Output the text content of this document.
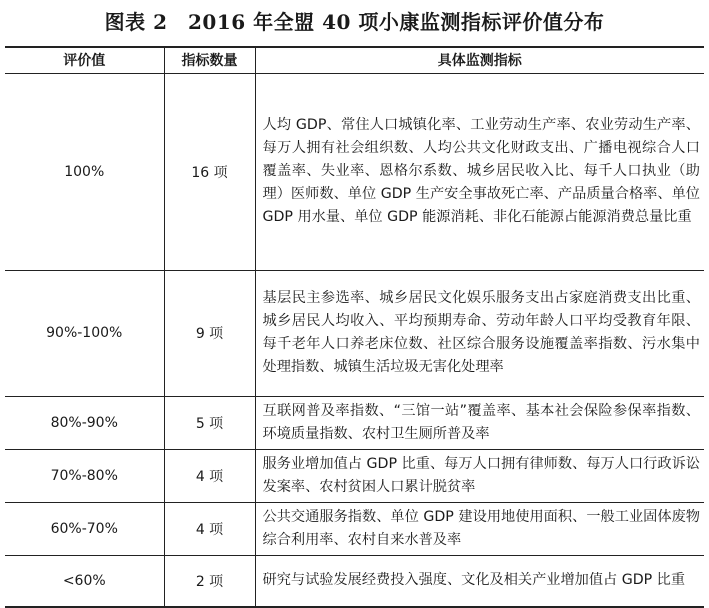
图表 2　2016 年全盟 40 项小康监测指标评价值分布
评价值	指标数量	具体监测指标
100%	16 项	人均 GDP、常住人口城镇化率、工业劳动生产率、农业劳动生产率、每万人拥有社会组织数、人均公共文化财政支出、广播电视综合人口覆盖率、失业率、恩格尔系数、城乡居民收入比、每千人口执业（助理）医师数、单位 GDP 生产安全事故死亡率、产品质量合格率、单位 GDP 用水量、单位 GDP 能源消耗、非化石能源占能源消费总量比重
90%-100%	9 项	基层民主参选率、城乡居民文化娱乐服务支出占家庭消费支出比重、城乡居民人均收入、平均预期寿命、劳动年龄人口平均受教育年限、每千老年人口养老床位数、社区综合服务设施覆盖率指数、污水集中处理指数、城镇生活垃圾无害化处理率
80%-90%	5 项	互联网普及率指数、“三馆一站”覆盖率、基本社会保险参保率指数、环境质量指数、农村卫生厕所普及率
70%-80%	4 项	服务业增加值占 GDP 比重、每万人口拥有律师数、每万人口行政诉讼发案率、农村贫困人口累计脱贫率
60%-70%	4 项	公共交通服务指数、单位 GDP 建设用地使用面积、一般工业固体废物综合利用率、农村自来水普及率
<60%	2 项	研究与试验发展经费投入强度、文化及相关产业增加值占 GDP 比重
